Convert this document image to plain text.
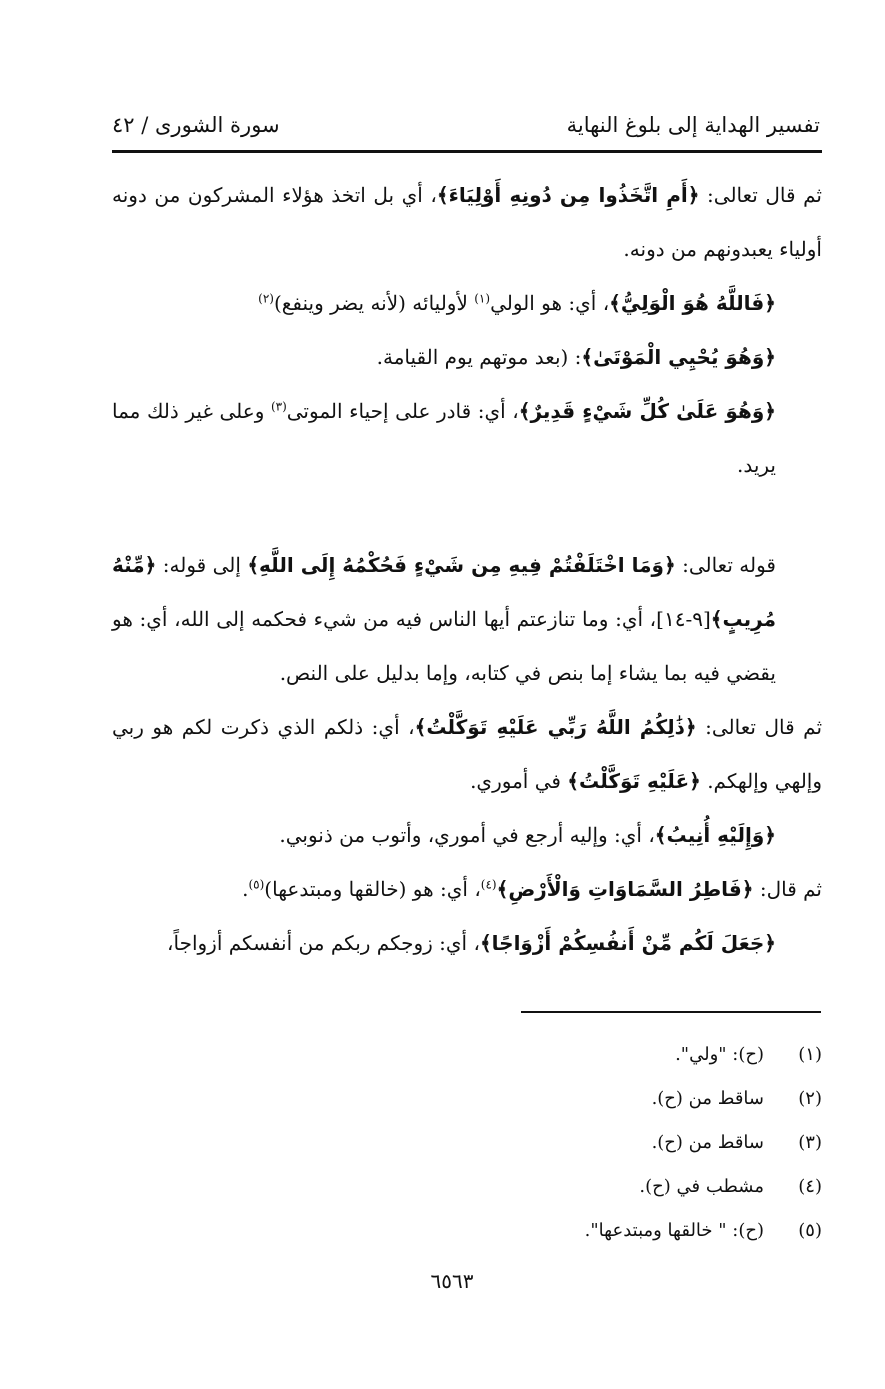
تفسير الهداية إلى بلوغ النهاية
سورة الشورى / ٤٢

ثم قال تعالى: ﴿أَمِ اتَّخَذُوا مِن دُونِهِ أَوْلِيَاءَ﴾، أي بل اتخذ هؤلاء المشركون من دونه أولياء يعبدونهم من دونه.

﴿فَاللَّهُ هُوَ الْوَلِيُّ﴾، أي: هو الولي$^{(١)}$ لأوليائه (لأنه يضر وينفع)$^{(٢)}$
﴿وَهُوَ يُحْيِي الْمَوْتَىٰ﴾: (بعد موتهم يوم القيامة.

﴿وَهُوَ عَلَىٰ كُلِّ شَيْءٍ قَدِيرٌ﴾، أي: قادر على إحياء الموتى$^{(٣)}$ وعلى غير ذلك مما يريد.

قوله تعالى: ﴿وَمَا اخْتَلَفْتُمْ فِيهِ مِن شَيْءٍ فَحُكْمُهُ إِلَى اللَّهِ﴾ إلى قوله: ﴿مِّنْهُ مُرِيبٍ﴾[٩-١٤]، أي: وما تنازعتم أيها الناس فيه من شيء فحكمه إلى الله، أي: هو يقضي فيه بما يشاء إما بنص في كتابه، وإما بدليل على النص.

ثم قال تعالى: ﴿ذَٰلِكُمُ اللَّهُ رَبِّي عَلَيْهِ تَوَكَّلْتُ﴾، أي: ذلكم الذي ذكرت لكم هو ربي وإلهي وإلهكم. ﴿عَلَيْهِ تَوَكَّلْتُ﴾ في أموري.

﴿وَإِلَيْهِ أُنِيبُ﴾، أي: وإليه أرجع في أموري، وأتوب من ذنوبي.

ثم قال: ﴿فَاطِرُ السَّمَاوَاتِ وَالْأَرْضِ﴾$^{(٤)}$، أي: هو (خالقها ومبتدعها)$^{(٥)}$.

﴿جَعَلَ لَكُم مِّنْ أَنفُسِكُمْ أَزْوَاجًا﴾، أي: زوجكم ربكم من أنفسكم أزواجاً،

(١)(ح): "ولي".
(٢)ساقط من (ح).
(٣)ساقط من (ح).
(٤)مشطب في (ح).
(٥)(ح): " خالقها ومبتدعها".
٦٥٦٣
